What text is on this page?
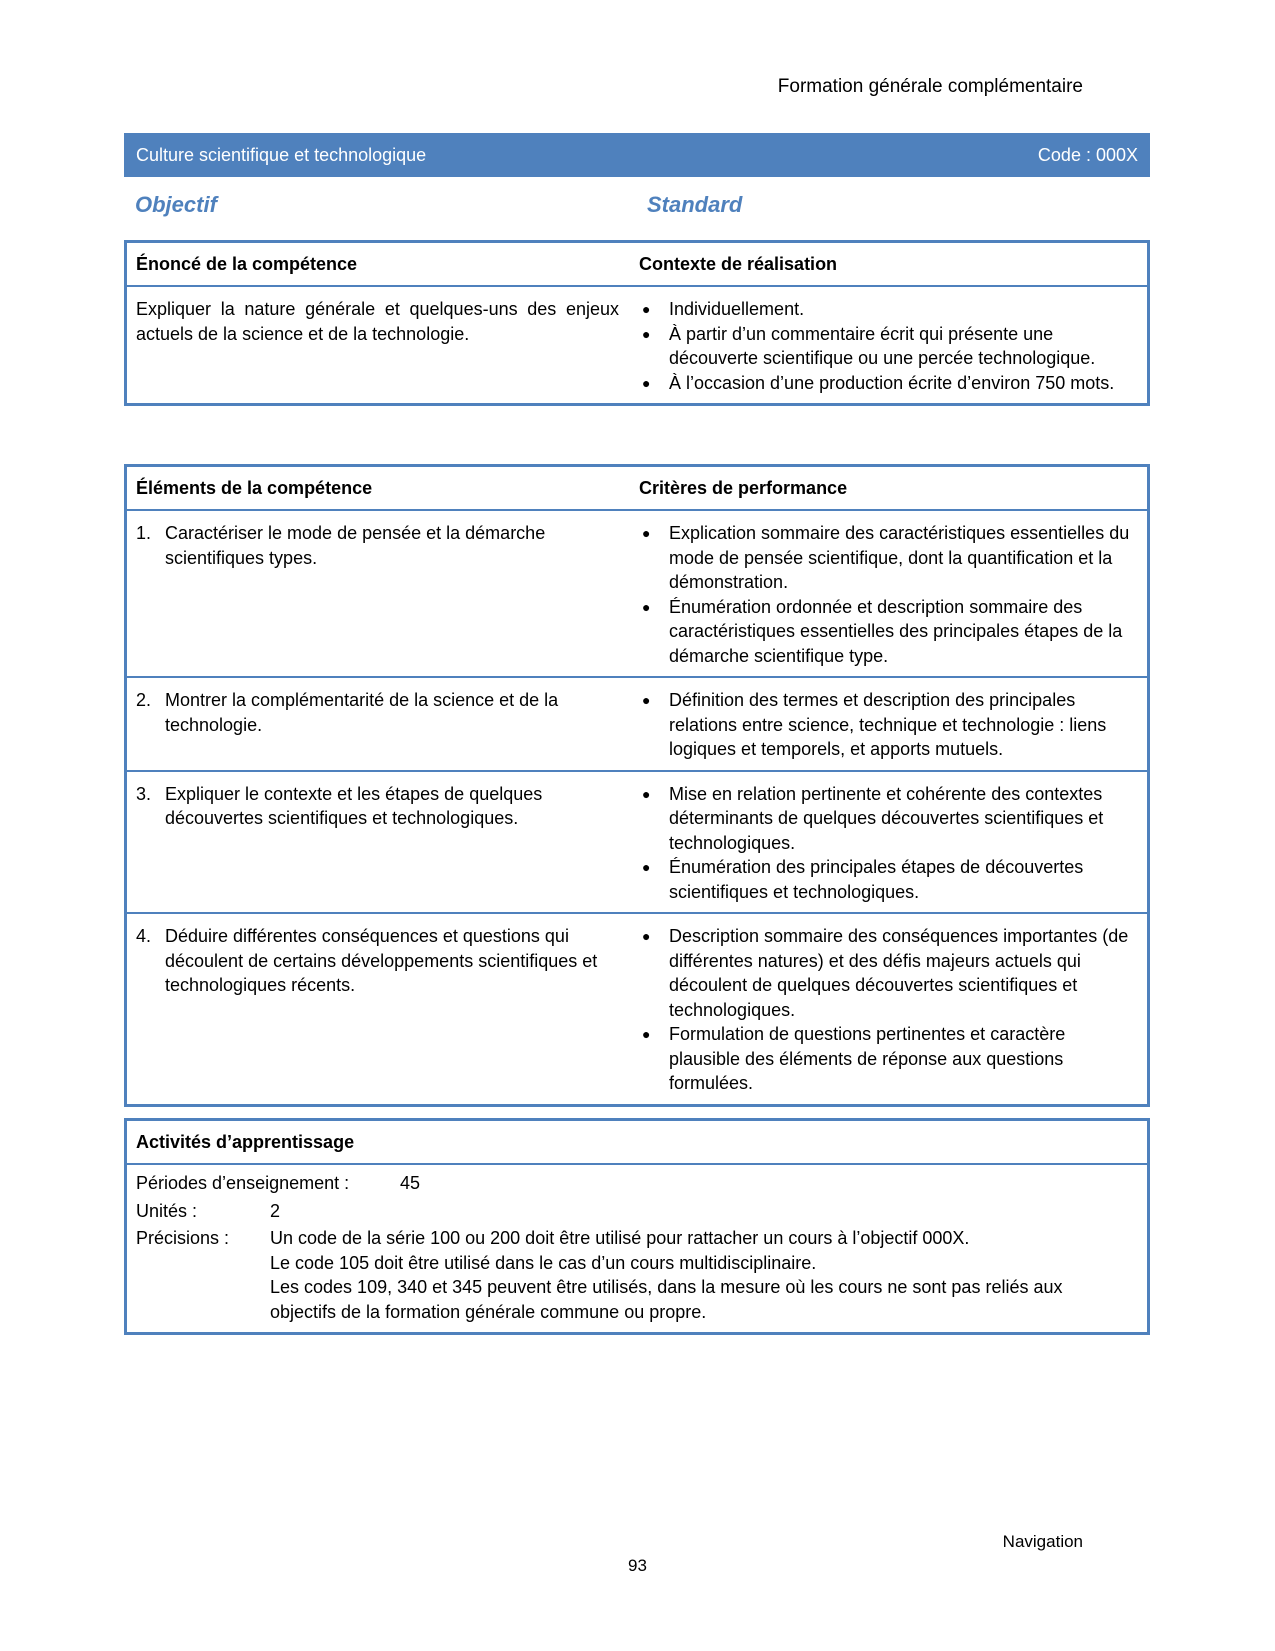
Formation générale complémentaire
Culture scientifique et technologique	Code : 000X
Objectif	Standard
Énoncé de la compétence	Contexte de réalisation
Expliquer la nature générale et quelques-uns des enjeux actuels de la science et de la technologie.
●	Individuellement.
●	À partir d’un commentaire écrit qui présente une découverte scientifique ou une percée technologique.
●	À l’occasion d’une production écrite d’environ 750 mots.
Éléments de la compétence	Critères de performance
1. Caractériser le mode de pensée et la démarche scientifiques types.
●	Explication sommaire des caractéristiques essentielles du mode de pensée scientifique, dont la quantification et la démonstration.
●	Énumération ordonnée et description sommaire des caractéristiques essentielles des principales étapes de la démarche scientifique type.
2. Montrer la complémentarité de la science et de la technologie.
●	Définition des termes et description des principales relations entre science, technique et technologie : liens logiques et temporels, et apports mutuels.
3. Expliquer le contexte et les étapes de quelques découvertes scientifiques et technologiques.
●	Mise en relation pertinente et cohérente des contextes déterminants de quelques découvertes scientifiques et technologiques.
●	Énumération des principales étapes de découvertes scientifiques et technologiques.
4. Déduire différentes conséquences et questions qui découlent de certains développements scientifiques et technologiques récents.
●	Description sommaire des conséquences importantes (de différentes natures) et des défis majeurs actuels qui découlent de quelques découvertes scientifiques et technologiques.
●	Formulation de questions pertinentes et caractère plausible des éléments de réponse aux questions formulées.
Activités d’apprentissage
Périodes d’enseignement :	45
Unités :	2
Précisions :	Un code de la série 100 ou 200 doit être utilisé pour rattacher un cours à l’objectif 000X.
Le code 105 doit être utilisé dans le cas d’un cours multidisciplinaire.
Les codes 109, 340 et 345 peuvent être utilisés, dans la mesure où les cours ne sont pas reliés aux objectifs de la formation générale commune ou propre.
Navigation
93
